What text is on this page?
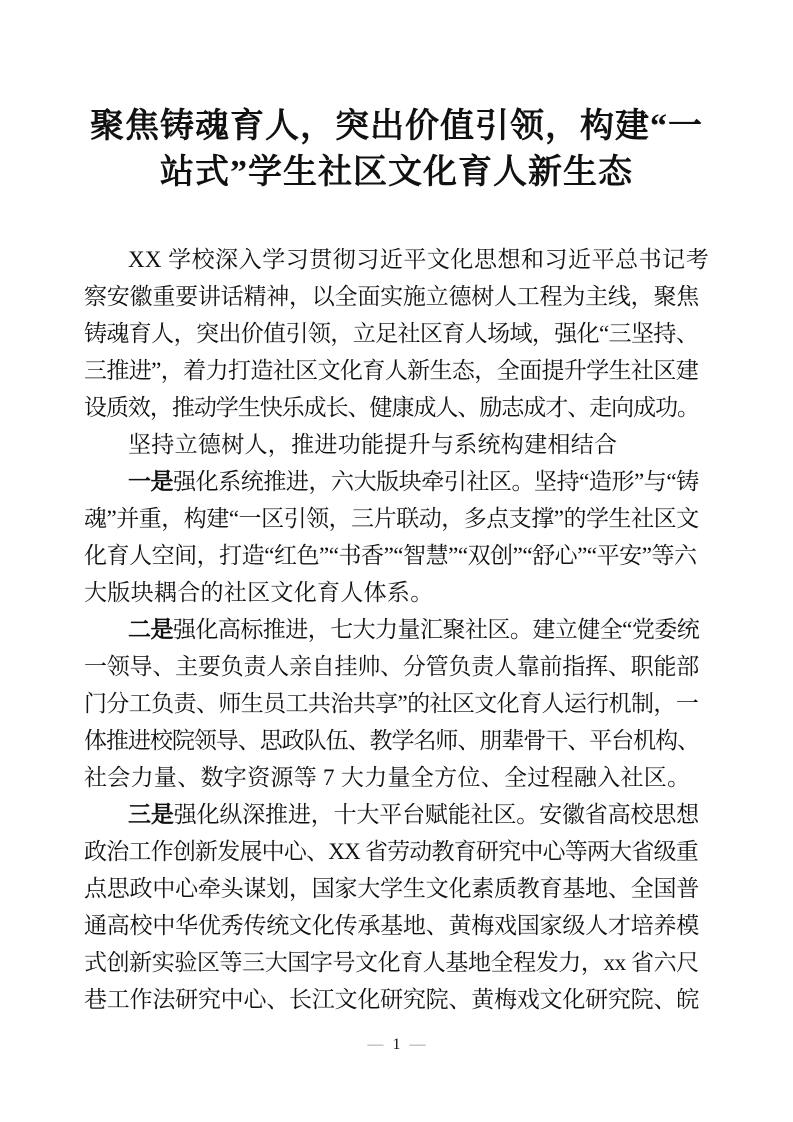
聚焦铸魂育人，突出价值引领，构建“一
站式”学生社区文化育人新生态
XX 学校深入学习贯彻习近平文化思想和习近平总书记考
察安徽重要讲话精神，以全面实施立德树人工程为主线，聚焦
铸魂育人，突出价值引领，立足社区育人场域，强化“三坚持、
三推进”，着力打造社区文化育人新生态，全面提升学生社区建
设质效，推动学生快乐成长、健康成人、励志成才、走向成功。
坚持立德树人，推进功能提升与系统构建相结合
一是强化系统推进，六大版块牵引社区。坚持“造形”与“铸
魂”并重，构建“一区引领，三片联动，多点支撑”的学生社区文
化育人空间，打造“红色”“书香”“智慧”“双创”“舒心”“平安”等六
大版块耦合的社区文化育人体系。
二是强化高标推进，七大力量汇聚社区。建立健全“党委统
一领导、主要负责人亲自挂帅、分管负责人靠前指挥、职能部
门分工负责、师生员工共治共享”的社区文化育人运行机制，一
体推进校院领导、思政队伍、教学名师、朋辈骨干、平台机构、
社会力量、数字资源等 7 大力量全方位、全过程融入社区。
三是强化纵深推进，十大平台赋能社区。安徽省高校思想
政治工作创新发展中心、XX 省劳动教育研究中心等两大省级重
点思政中心牵头谋划，国家大学生文化素质教育基地、全国普
通高校中华优秀传统文化传承基地、黄梅戏国家级人才培养模
式创新实验区等三大国字号文化育人基地全程发力，xx 省六尺
巷工作法研究中心、长江文化研究院、黄梅戏文化研究院、皖
— 1 —
